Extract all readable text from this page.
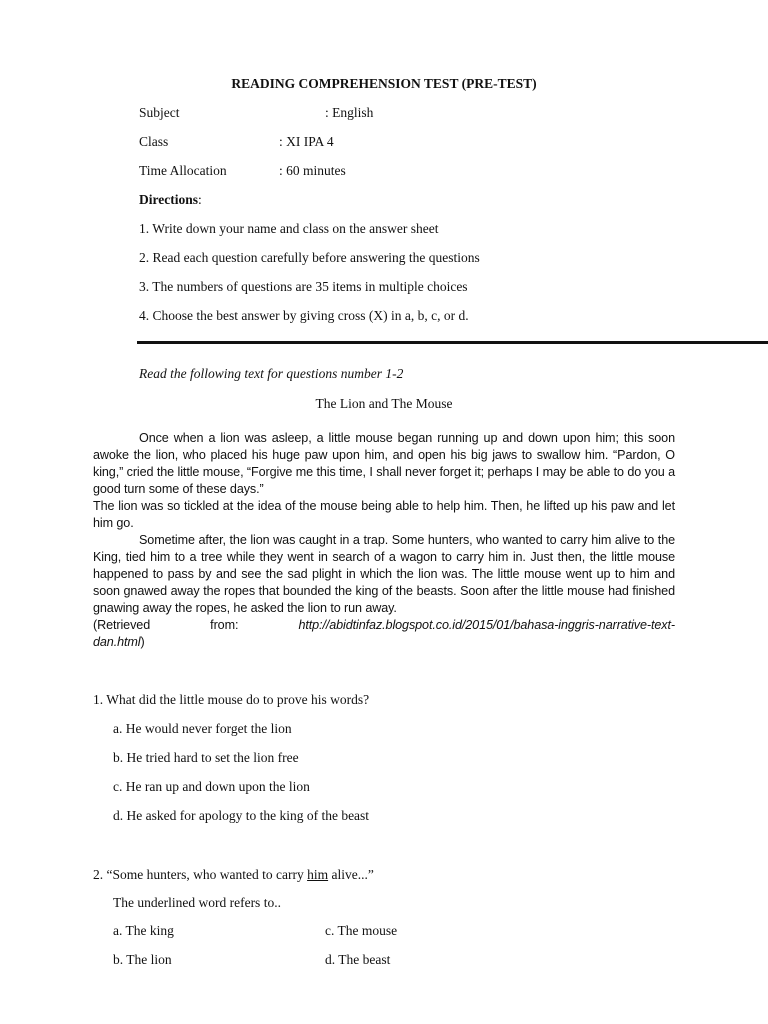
READING COMPREHENSION TEST (PRE-TEST)
Subject	: English
Class	: XI IPA 4
Time Allocation	: 60 minutes
Directions:
1. Write down your name and class on the answer sheet
2. Read each question carefully before answering the questions
3. The numbers of questions are 35 items in multiple choices
4. Choose the best answer by giving cross (X) in a, b, c, or d.
Read the following text for questions number 1-2
The Lion and The Mouse

Once when a lion was asleep, a little mouse began running up and down upon him; this soon awoke the lion, who placed his huge paw upon him, and open his big jaws to swallow him. “Pardon, O king,” cried the little mouse, “Forgive me this time, I shall never forget it; perhaps I may be able to do you a good turn some of these days.”

The lion was so tickled at the idea of the mouse being able to help him. Then, he lifted up his paw and let him go.

Sometime after, the lion was caught in a trap. Some hunters, who wanted to carry him alive to the King, tied him to a tree while they went in search of a wagon to carry him in. Just then, the little mouse happened to pass by and see the sad plight in which the lion was. The little mouse went up to him and soon gnawed away the ropes that bounded the king of the beasts. Soon after the little mouse had finished gnawing away the ropes, he asked the lion to run away.

(Retrieved	from:	http://abidtinfaz.blogspot.co.id/2015/01/bahasa-inggris-narrative-text-
dan.html)
1. What did the little mouse do to prove his words?
a. He would never forget the lion
b. He tried hard to set the lion free
c. He ran up and down upon the lion
d. He asked for apology to the king of the beast
2. “Some hunters, who wanted to carry him alive...”
The underlined word refers to..
a. The king	c. The mouse
b. The lion	d. The beast
